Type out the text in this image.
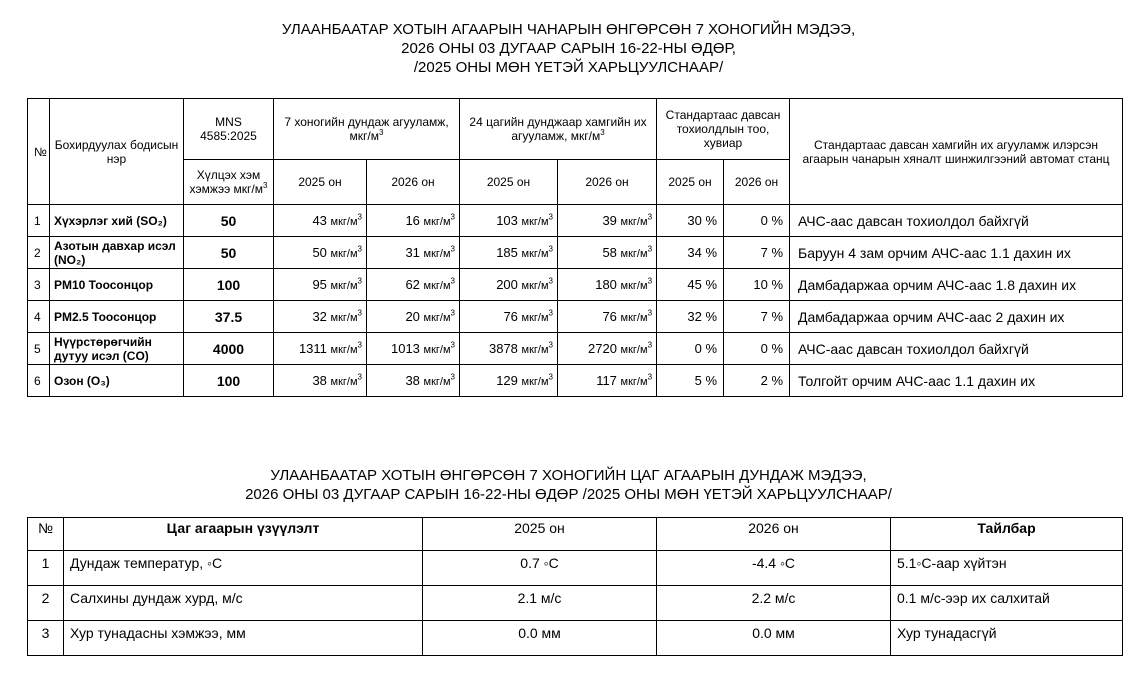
УЛААНБААТАР ХОТЫН АГААРЫН ЧАНАРЫН ӨНГӨРСӨН 7 ХОНОГИЙН МЭДЭЭ,
2026 ОНЫ 03 ДУГААР САРЫН 16-22-НЫ ӨДӨР,
/2025 ОНЫ МӨН ҮЕТЭЙ ХАРЬЦУУЛСНААР/
№	Бохирдуулах бодисын нэр	MNS 4585:2025	7 хоногийн дундаж агууламж, мкг/$м^3$		24 цагийн дунджаар хамгийн их агууламж, мкг/$м^3$		Стандартаас давсан тохиолдлын тоо, хувиар		Стандартаас давсан хамгийн их агууламж илэрсэн агаарын чанарын хяналт шинжилгээний автомат станц
		Хүлцэх хэм хэмжээ мкг/$м^3$	2025 он	2026 он	2025 он	2026 он	2025 он	2026 он	
1	Хүхэрлэг хий (SO₂)	50	43 мкг/$м^3$	16 мкг/$м^3$	103 мкг/$м^3$	39 мкг/$м^3$	30 %	0 %	АЧС-аас давсан тохиолдол байхгүй
2	Азотын давхар исэл (NO₂)	50	50 мкг/$м^3$	31 мкг/$м^3$	185 мкг/$м^3$	58 мкг/$м^3$	34 %	7 %	Баруун 4 зам орчим АЧС-аас 1.1 дахин их
3	PM10 Тоосонцор	100	95 мкг/$м^3$	62 мкг/$м^3$	200 мкг/$м^3$	180 мкг/$м^3$	45 %	10 %	Дамбадаржаа орчим АЧС-аас 1.8 дахин их
4	PM2.5 Тоосонцор	37.5	32 мкг/$м^3$	20 мкг/$м^3$	76 мкг/$м^3$	76 мкг/$м^3$	32 %	7 %	Дамбадаржаа орчим АЧС-аас 2 дахин их
5	Нүүрстөрөгчийн дутуу исэл (CO)	4000	1311 мкг/$м^3$	1013 мкг/$м^3$	3878 мкг/$м^3$	2720 мкг/$м^3$	0 %	0 %	АЧС-аас давсан тохиолдол байхгүй
6	Озон (O₃)	100	38 мкг/$м^3$	38 мкг/$м^3$	129 мкг/$м^3$	117 мкг/$м^3$	5 %	2 %	Толгойт орчим АЧС-аас 1.1 дахин их
УЛААНБААТАР ХОТЫН ӨНГӨРСӨН 7 ХОНОГИЙН ЦАГ АГААРЫН ДУНДАЖ МЭДЭЭ,
2026 ОНЫ 03 ДУГААР САРЫН 16-22-НЫ ӨДӨР /2025 ОНЫ МӨН ҮЕТЭЙ ХАРЬЦУУЛСНААР/
№	Цаг агаарын үзүүлэлт	2025 он	2026 он	Тайлбар
1	Дундаж температур, ◦С	0.7 ◦С	-4.4 ◦С	5.1◦С-аар хүйтэн
2	Салхины дундаж хурд, м/с	2.1 м/с	2.2 м/с	0.1 м/с-ээр их салхитай
3	Хур тунадасны хэмжээ, мм	0.0 мм	0.0 мм	Хур тунадасгүй
